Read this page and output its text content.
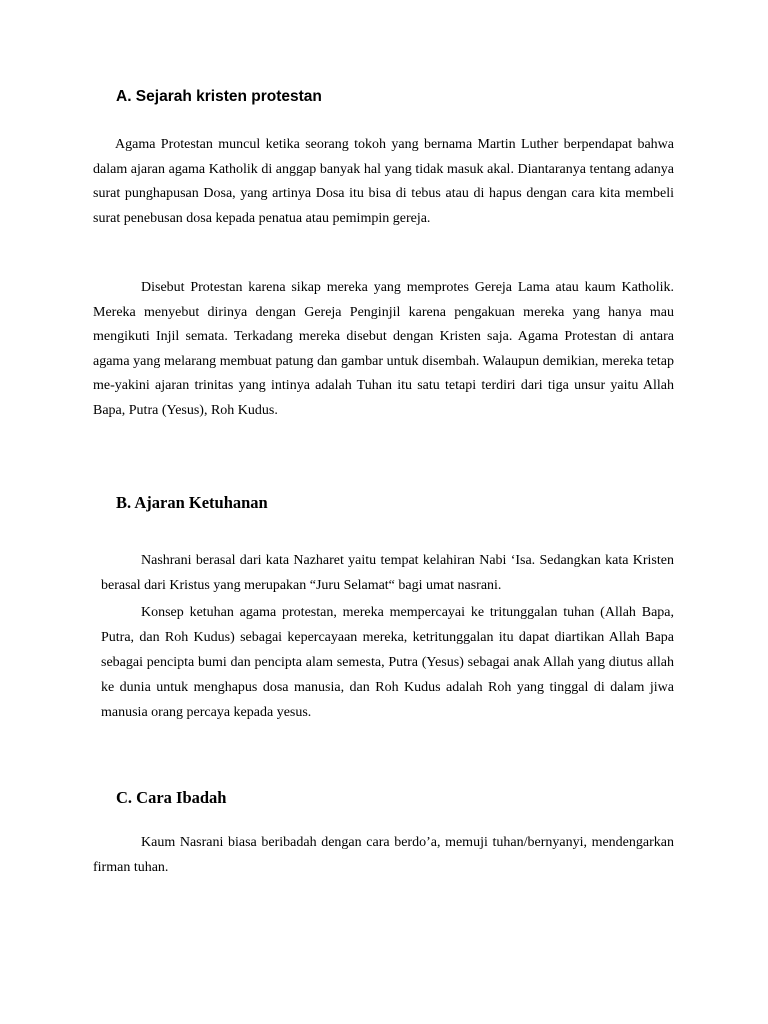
A. Sejarah kristen protestan

Agama Protestan muncul ketika seorang tokoh yang bernama Martin Luther berpendapat bahwa dalam ajaran agama Katholik di anggap banyak hal yang tidak masuk akal. Diantaranya tentang adanya surat punghapusan Dosa, yang artinya Dosa itu bisa di tebus atau di hapus dengan cara kita membeli surat penebusan dosa kepada penatua atau pemimpin gereja.

Disebut Protestan karena sikap mereka yang memprotes Gereja Lama atau kaum Katholik. Mereka menyebut dirinya dengan Gereja Penginjil karena pengakuan mereka yang hanya mau mengikuti Injil semata. Terkadang mereka disebut dengan Kristen saja. Agama Protestan di antara agama yang melarang membuat patung dan gambar untuk disembah. Walaupun demikian, mereka tetap me-yakini ajaran trinitas yang intinya adalah Tuhan itu satu tetapi terdiri dari tiga unsur yaitu Allah Bapa, Putra (Yesus), Roh Kudus.

B. Ajaran Ketuhanan

Nashrani berasal dari kata Nazharet yaitu tempat kelahiran Nabi ‘Isa. Sedangkan kata Kristen berasal dari Kristus yang merupakan “Juru Selamat“ bagi umat nasrani.

Konsep ketuhan agama protestan, mereka mempercayai ke tritunggalan tuhan (Allah Bapa, Putra, dan Roh Kudus) sebagai kepercayaan mereka, ketritunggalan itu dapat diartikan Allah Bapa sebagai pencipta bumi dan pencipta alam semesta, Putra (Yesus) sebagai anak Allah yang diutus allah ke dunia untuk menghapus dosa manusia, dan Roh Kudus adalah Roh yang tinggal di dalam jiwa manusia orang percaya kepada yesus.

C. Cara Ibadah

Kaum Nasrani biasa beribadah dengan cara berdo’a, memuji tuhan/bernyanyi, mendengarkan firman tuhan.
